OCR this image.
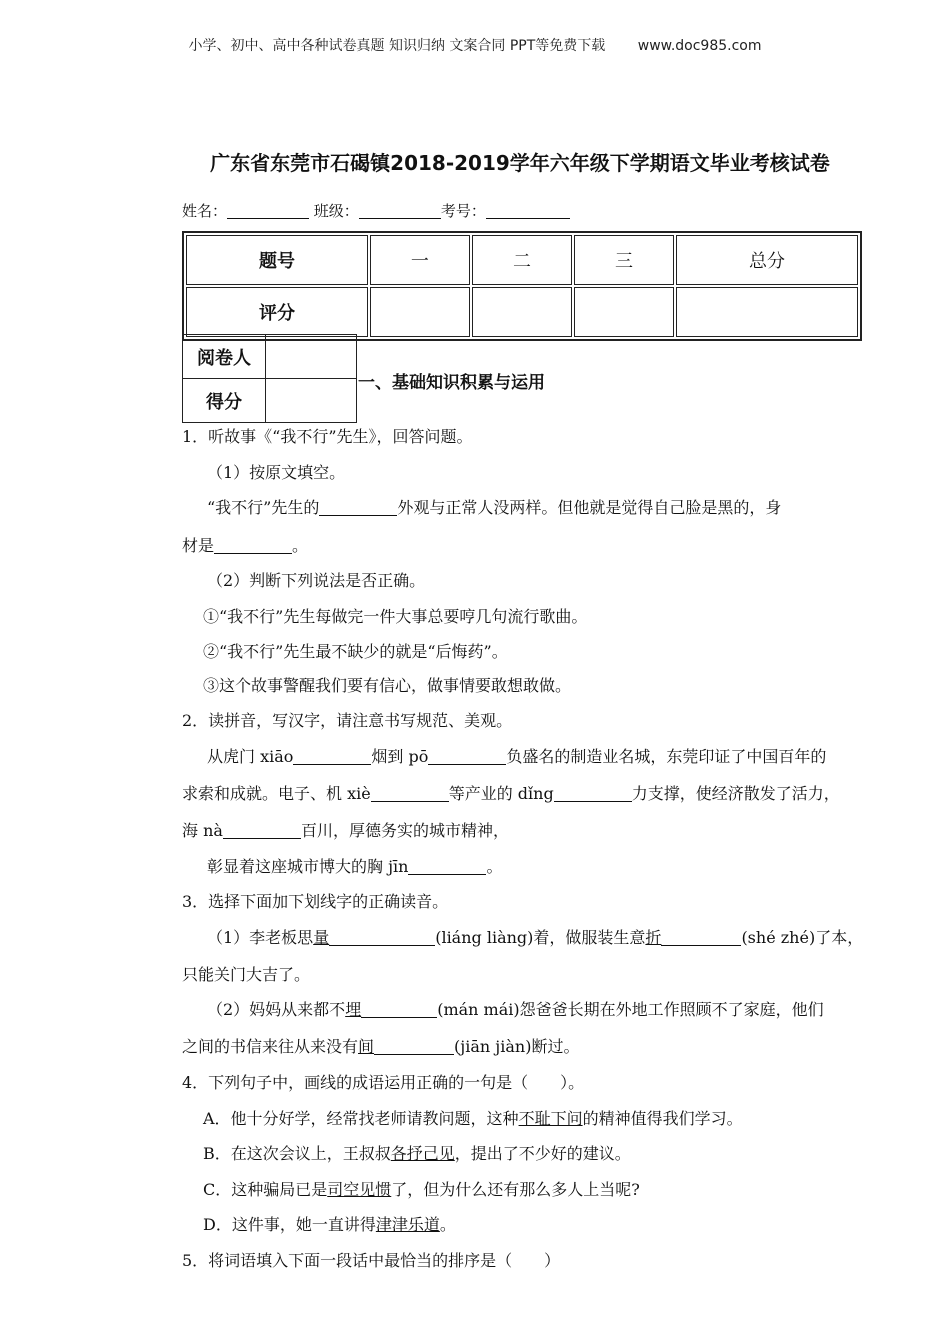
小学、初中、高中各种试卷真题 知识归纳 文案合同 PPT等免费下载 www.doc985.com
广东省东莞市石碣镇2018-2019学年六年级下学期语文毕业考核试卷
姓名：	班级：	考号：
题号	一	二	三	总分
评分				
阅卷人	
得分	
一、基础知识积累与运用
1．听故事《“我不行”先生》，回答问题。
（1）按原文填空。
“我不行”先生的	外观与正常人没两样。但他就是觉得自己脸是黑的，身
材是	。
（2）判断下列说法是否正确。
①“我不行”先生每做完一件大事总要哼几句流行歌曲。
②“我不行”先生最不缺少的就是“后悔药”。
③这个故事警醒我们要有信心，做事情要敢想敢做。
2．读拼音，写汉字，请注意书写规范、美观。
从虎门 xiāo	烟到 pō	负盛名的制造业名城，东莞印证了中国百年的
求索和成就。电子、机 xiè	等产业的 dǐng	力支撑，使经济散发了活力，
海 nà	百川，厚德务实的城市精神，
彰显着这座城市博大的胸 jīn	。
3．选择下面加下划线字的正确读音。
（1）李老板思量	(liáng liàng)着，做服装生意折	(shé zhé)了本，
只能关门大吉了。
（2）妈妈从来都不埋	(mán mái)怨爸爸长期在外地工作照顾不了家庭，他们
之间的书信来往从来没有间	(jiān jiàn)断过。
4．下列句子中，画线的成语运用正确的一句是（　　）。
A．他十分好学，经常找老师请教问题，这种不耻下问的精神值得我们学习。
B．在这次会议上，王叔叔各抒己见，提出了不少好的建议。
C．这种骗局已是司空见惯了，但为什么还有那么多人上当呢?
D．这件事，她一直讲得津津乐道。
5．将词语填入下面一段话中最恰当的排序是（　　）
